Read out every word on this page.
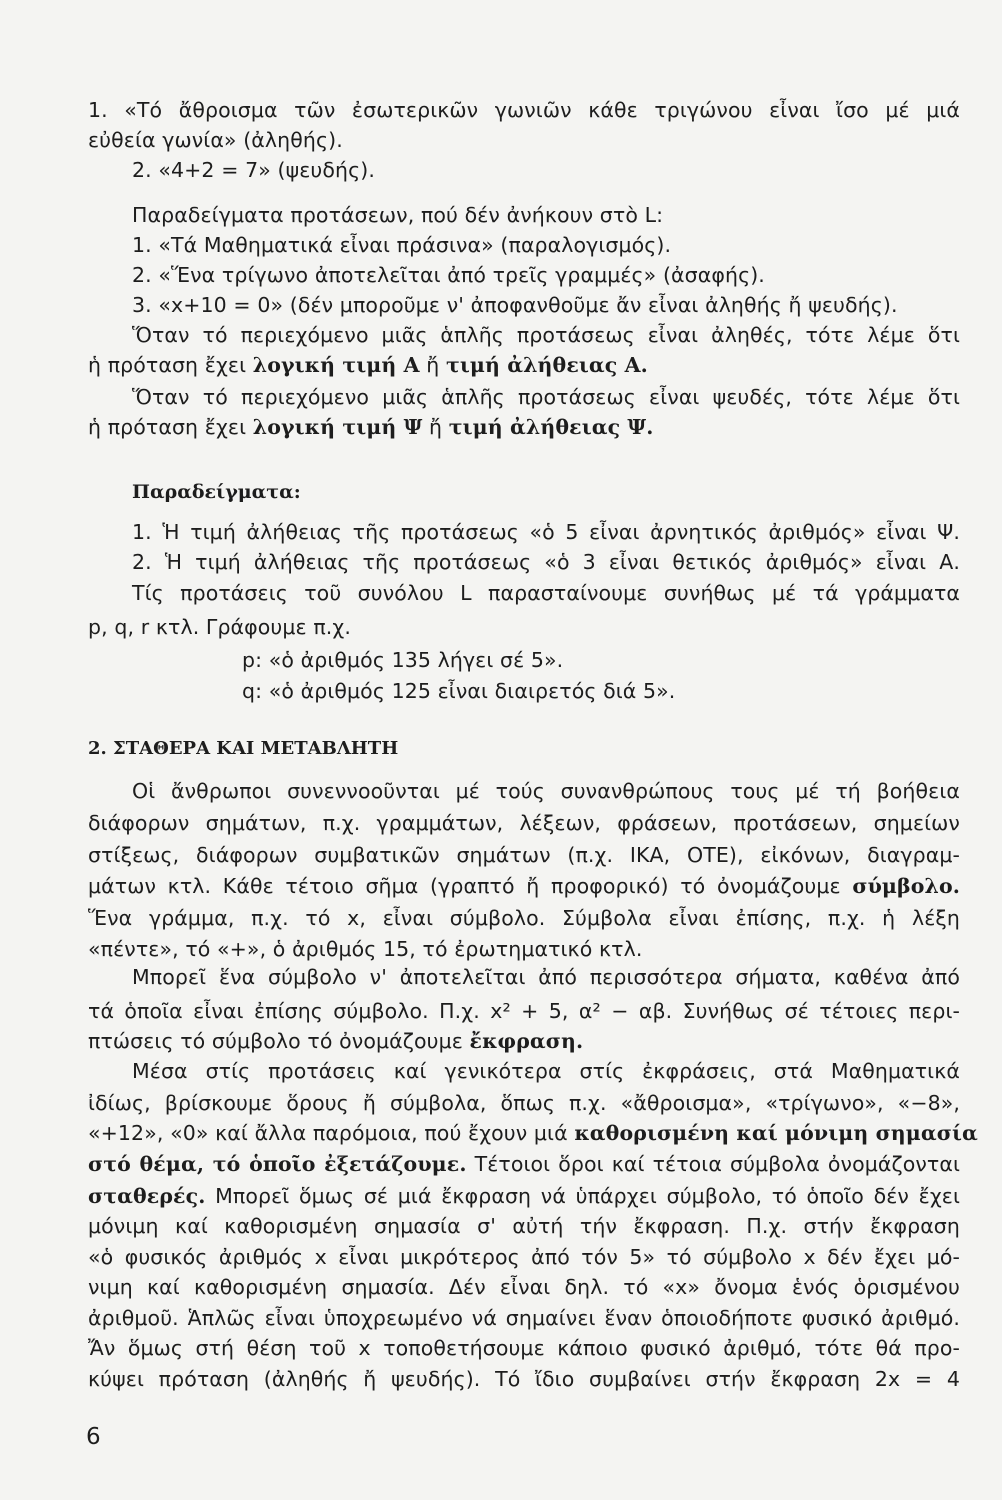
1. «Τό ἄθροισμα τῶν ἐσωτερικῶν γωνιῶν κάθε τριγώνου εἶναι ἴσο μέ μιά
εὐθεία γωνία» (ἀληθής).
2. «4+2 = 7» (ψευδής).
Παραδείγματα προτάσεων, πού δέν ἀνήκουν στὸ L:
1. «Τά Μαθηματικά εἶναι πράσινα» (παραλογισμός).
2. «Ἕνα τρίγωνο ἀποτελεῖται ἀπό τρεῖς γραμμές» (ἀσαφής).
3. «x+10 = 0» (δέν μποροῦμε ν' ἀποφανθοῦμε ἄν εἶναι ἀληθής ἤ ψευδής).
Ὅταν τό περιεχόμενο μιᾶς ἁπλῆς προτάσεως εἶναι ἀληθές, τότε λέμε ὅτι
ἡ πρόταση ἔχει λογική τιμή Α ἤ τιμή ἀλήθειας Α.
Ὅταν τό περιεχόμενο μιᾶς ἁπλῆς προτάσεως εἶναι ψευδές, τότε λέμε ὅτι
ἡ πρόταση ἔχει λογική τιμή Ψ ἤ τιμή ἀλήθειας Ψ.
Παραδείγματα:
1. Ἡ τιμή ἀλήθειας τῆς προτάσεως «ὁ 5 εἶναι ἀρνητικός ἀριθμός» εἶναι Ψ.
2. Ἡ τιμή ἀλήθειας τῆς προτάσεως «ὁ 3 εἶναι θετικός ἀριθμός» εἶναι Α.
Τίς προτάσεις τοῦ συνόλου L παρασταίνουμε συνήθως μέ τά γράμματα
p, q, r κτλ. Γράφουμε π.χ.
p: «ὁ ἀριθμός 135 λήγει σέ 5».
q: «ὁ ἀριθμός 125 εἶναι διαιρετός διά 5».
2. ΣΤΑΘΕΡΑ ΚΑΙ ΜΕΤΑΒΛΗΤΗ
Οἱ ἄνθρωποι συνεννοοῦνται μέ τούς συνανθρώπους τους μέ τή βοήθεια
διάφορων σημάτων, π.χ. γραμμάτων, λέξεων, φράσεων, προτάσεων, σημείων
στίξεως, διάφορων συμβατικῶν σημάτων (π.χ. ΙΚΑ, ΟΤΕ), εἰκόνων, διαγραμ-
μάτων κτλ. Κάθε τέτοιο σῆμα (γραπτό ἤ προφορικό) τό ὀνομάζουμε σύμβολο.
Ἕνα γράμμα, π.χ. τό x, εἶναι σύμβολο. Σύμβολα εἶναι ἐπίσης, π.χ. ἡ λέξη
«πέντε», τό «+», ὁ ἀριθμός 15, τό ἐρωτηματικό κτλ.
Μπορεῖ ἕνα σύμβολο ν' ἀποτελεῖται ἀπό περισσότερα σήματα, καθένα ἀπό
τά ὁποῖα εἶναι ἐπίσης σύμβολο. Π.χ. x² + 5, α² − αβ. Συνήθως σέ τέτοιες περι-
πτώσεις τό σύμβολο τό ὀνομάζουμε ἔκφραση.
Μέσα στίς προτάσεις καί γενικότερα στίς ἐκφράσεις, στά Μαθηματικά
ἰδίως, βρίσκουμε ὅρους ἤ σύμβολα, ὅπως π.χ. «ἄθροισμα», «τρίγωνο», «−8»,
«+12», «0» καί ἄλλα παρόμοια, πού ἔχουν μιά καθορισμένη καί μόνιμη σημασία
στό θέμα, τό ὁποῖο ἐξετάζουμε. Τέτοιοι ὅροι καί τέτοια σύμβολα ὀνομάζονται
σταθερές. Μπορεῖ ὅμως σέ μιά ἔκφραση νά ὑπάρχει σύμβολο, τό ὁποῖο δέν ἔχει
μόνιμη καί καθορισμένη σημασία σ' αὐτή τήν ἔκφραση. Π.χ. στήν ἔκφραση
«ὁ φυσικός ἀριθμός x εἶναι μικρότερος ἀπό τόν 5» τό σύμβολο x δέν ἔχει μό-
νιμη καί καθορισμένη σημασία. Δέν εἶναι δηλ. τό «x» ὄνομα ἑνός ὁρισμένου
ἀριθμοῦ. Ἁπλῶς εἶναι ὑποχρεωμένο νά σημαίνει ἕναν ὁποιοδήποτε φυσικό ἀριθμό.
Ἄν ὅμως στή θέση τοῦ x τοποθετήσουμε κάποιο φυσικό ἀριθμό, τότε θά προ-
κύψει πρόταση (ἀληθής ἤ ψευδής). Τό ἴδιο συμβαίνει στήν ἔκφραση 2x = 4
6
